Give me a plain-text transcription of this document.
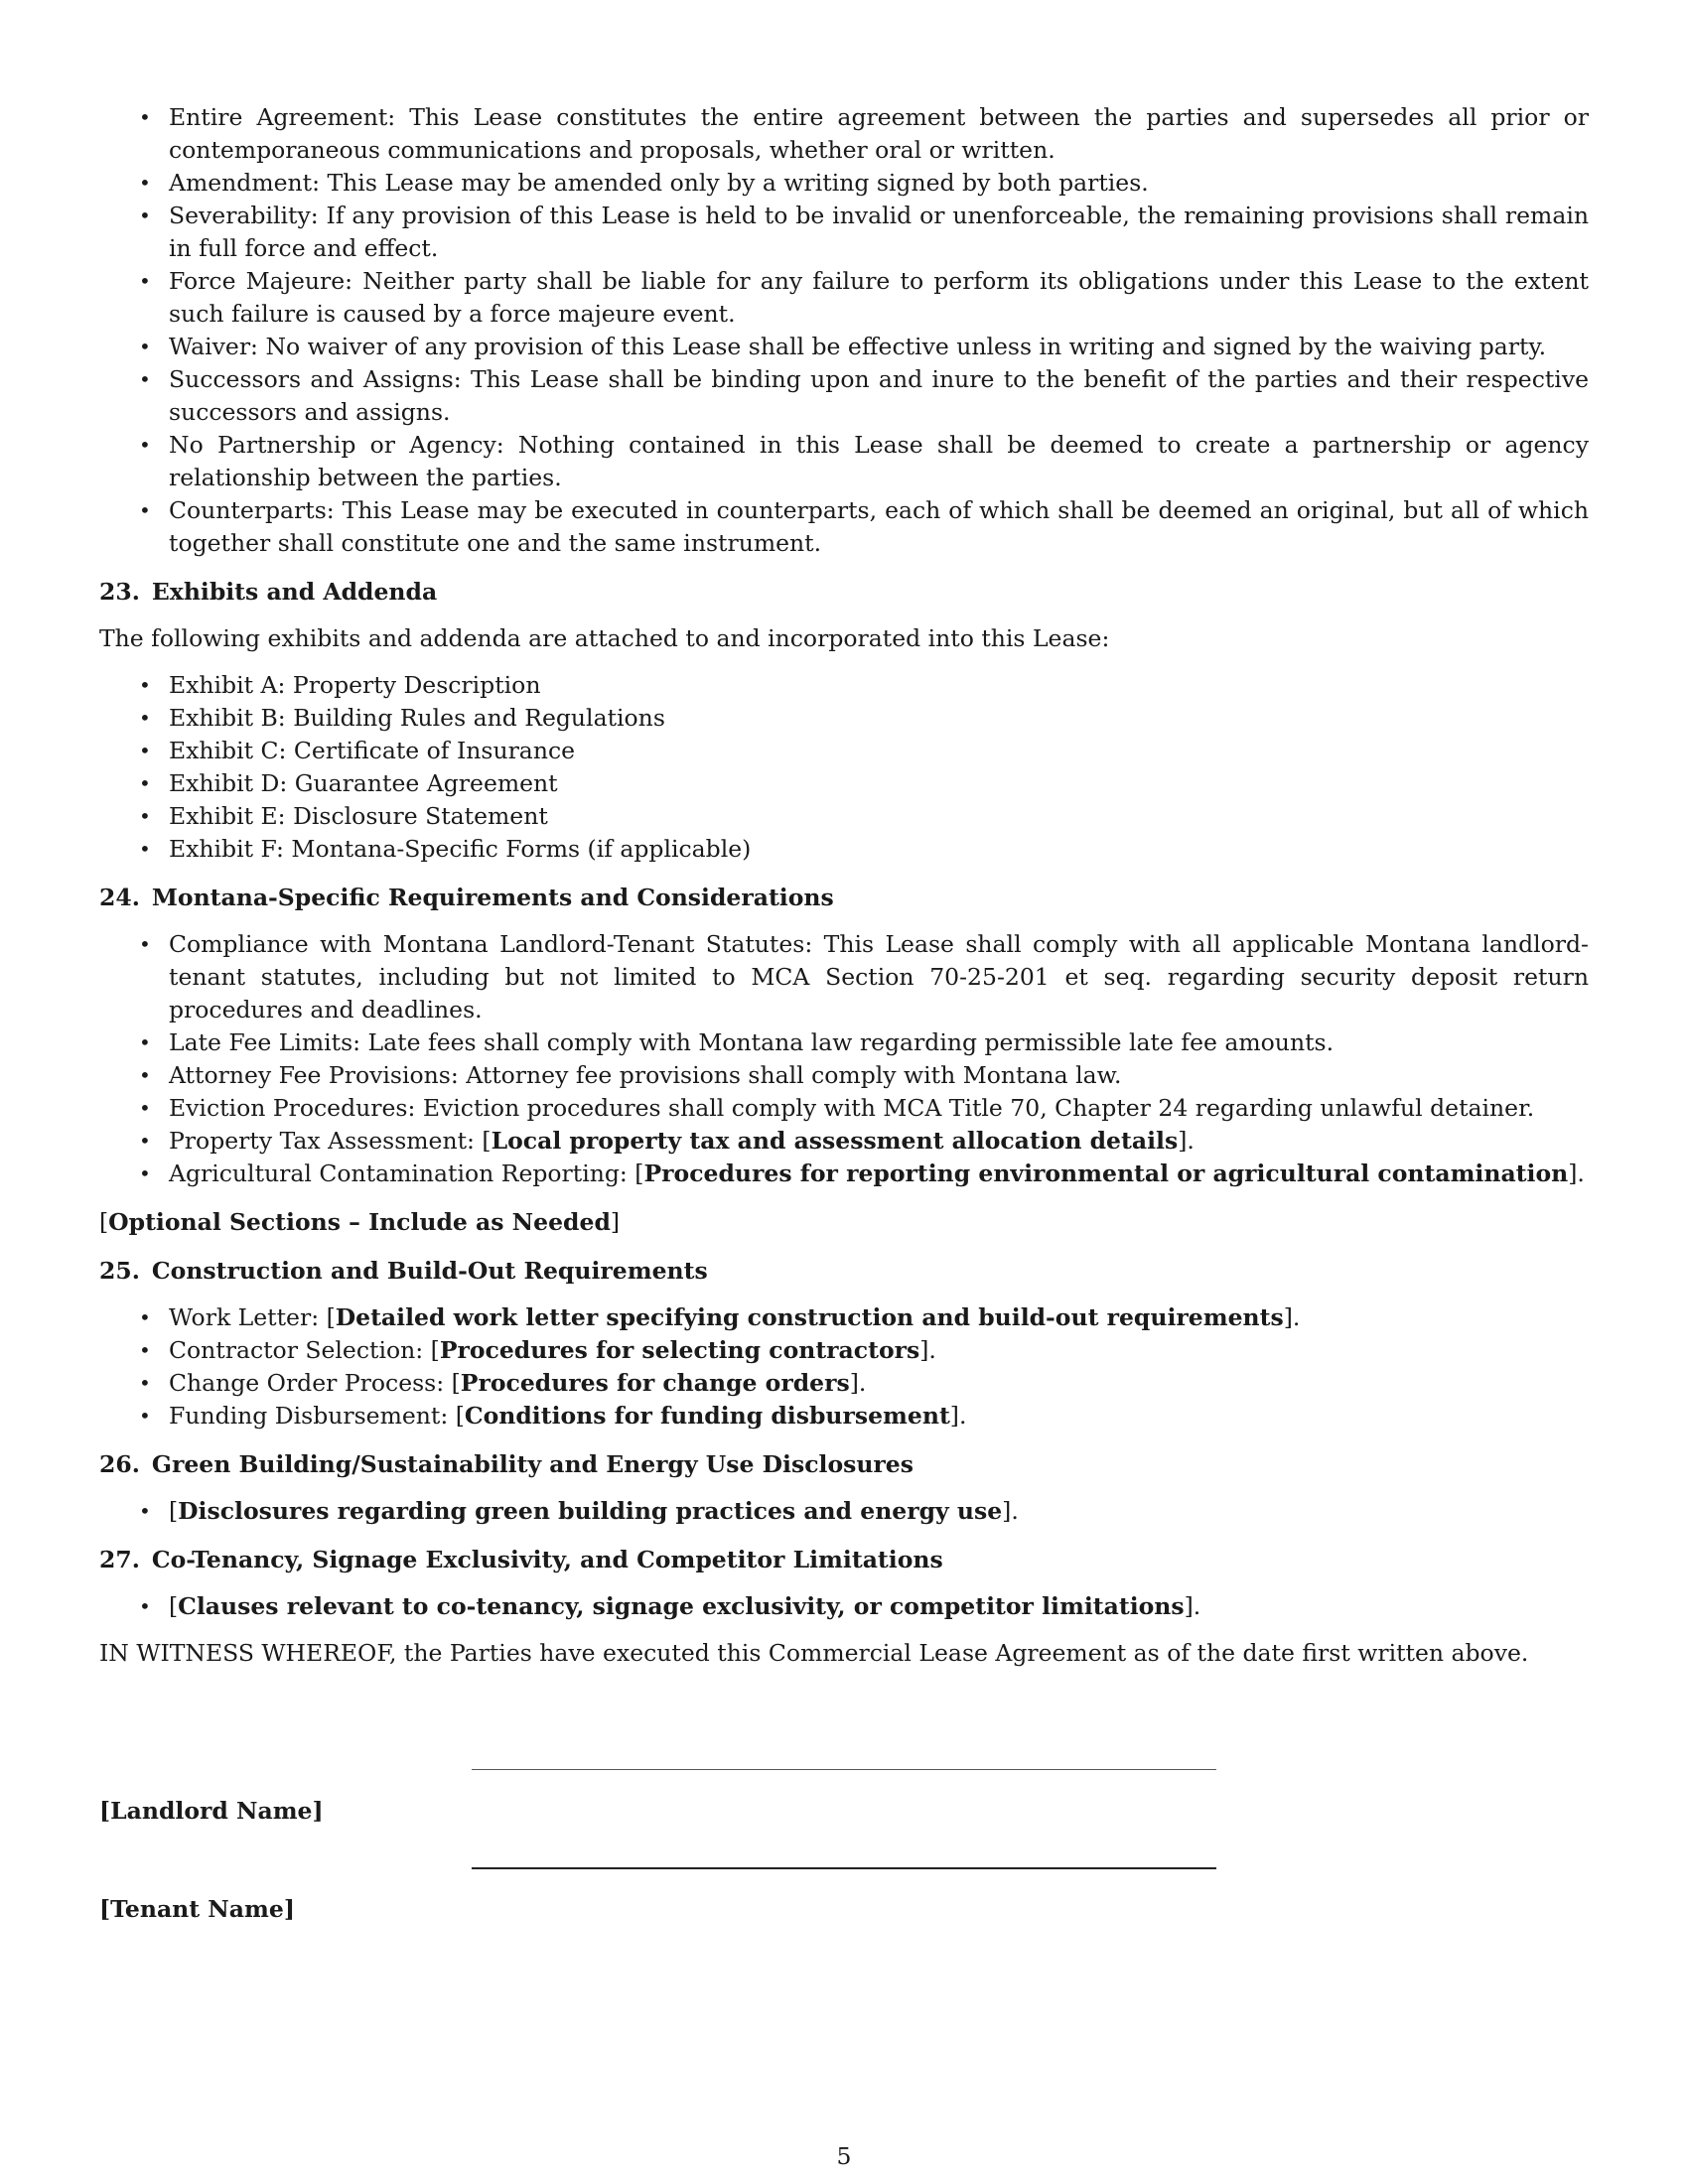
• Entire Agreement: This Lease constitutes the entire agreement between the parties and supersedes all prior or contemporaneous communications and proposals, whether oral or written.
• Amendment: This Lease may be amended only by a writing signed by both parties.
• Severability: If any provision of this Lease is held to be invalid or unenforceable, the remaining provisions shall remain in full force and effect.
• Force Majeure: Neither party shall be liable for any failure to perform its obligations under this Lease to the extent such failure is caused by a force majeure event.
• Waiver: No waiver of any provision of this Lease shall be effective unless in writing and signed by the waiving party.
• Successors and Assigns: This Lease shall be binding upon and inure to the benefit of the parties and their respective successors and assigns.
• No Partnership or Agency: Nothing contained in this Lease shall be deemed to create a partnership or agency relationship between the parties.
• Counterparts: This Lease may be executed in counterparts, each of which shall be deemed an original, but all of which together shall constitute one and the same instrument.
23. Exhibits and Addenda

The following exhibits and addenda are attached to and incorporated into this Lease:

• Exhibit A: Property Description
• Exhibit B: Building Rules and Regulations
• Exhibit C: Certificate of Insurance
• Exhibit D: Guarantee Agreement
• Exhibit E: Disclosure Statement
• Exhibit F: Montana-Specific Forms (if applicable)
24. Montana-Specific Requirements and Considerations
• Compliance with Montana Landlord-Tenant Statutes: This Lease shall comply with all applicable Montana landlord-tenant statutes, including but not limited to MCA Section 70-25-201 et seq. regarding security deposit return procedures and deadlines.
• Late Fee Limits: Late fees shall comply with Montana law regarding permissible late fee amounts.
• Attorney Fee Provisions: Attorney fee provisions shall comply with Montana law.
• Eviction Procedures: Eviction procedures shall comply with MCA Title 70, Chapter 24 regarding unlawful detainer.
• Property Tax Assessment: [Local property tax and assessment allocation details].
• Agricultural Contamination Reporting: [Procedures for reporting environmental or agricultural contamination].
[Optional Sections – Include as Needed]
25. Construction and Build-Out Requirements
• Work Letter: [Detailed work letter specifying construction and build-out requirements].
• Contractor Selection: [Procedures for selecting contractors].
• Change Order Process: [Procedures for change orders].
• Funding Disbursement: [Conditions for funding disbursement].
26. Green Building/Sustainability and Energy Use Disclosures
• [Disclosures regarding green building practices and energy use].
27. Co-Tenancy, Signage Exclusivity, and Competitor Limitations
• [Clauses relevant to co-tenancy, signage exclusivity, or competitor limitations].

IN WITNESS WHEREOF, the Parties have executed this Commercial Lease Agreement as of the date first written above.

[Landlord Name]
[Tenant Name]
5
